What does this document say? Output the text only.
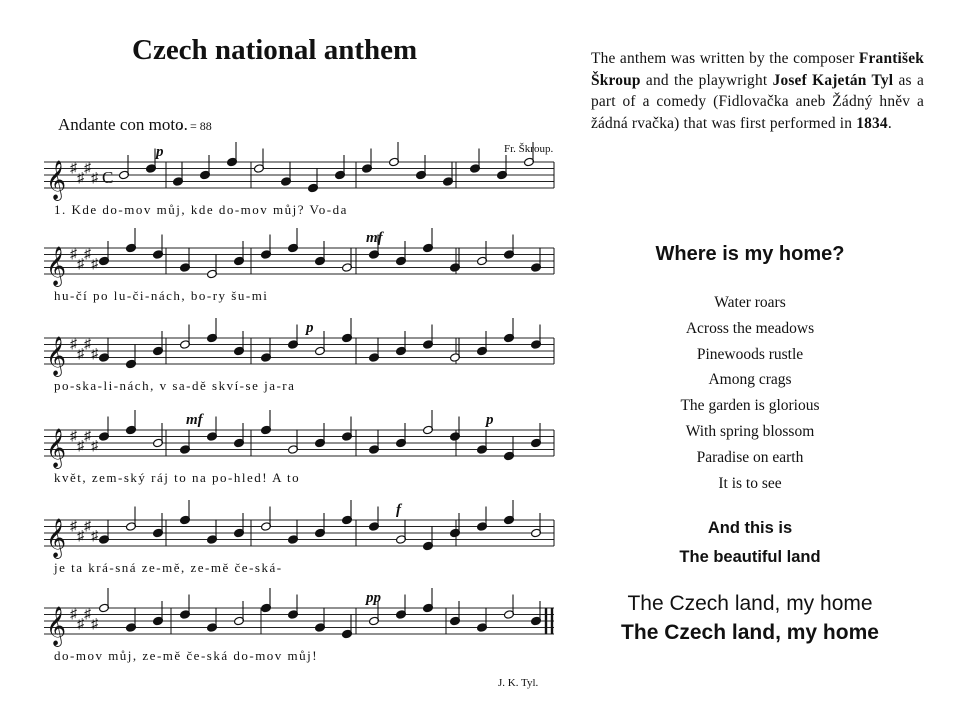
Czech national anthem	The anthem was written by the composer František Škroup and the playwright Josef Kajetán Tyl as a part of a comedy (Fidlovačka aneb Žádný hněv a žádná rvačka) that was first performed in 1834.
Where is my home?
Water roars
Across the meadows
Pinewoods rustle
Among crags
The garden is glorious
With spring blossom
Paradise on earth
It is to see
And this is
The beautiful land
The Czech land, my home
The Czech land, my home
Andante con moto.
♩= 88
Fr. Škroup.
𝄞 ♯
♯
♯
♯ C
p
1. Kde do-mov můj, kde do-mov můj? Vo-da
𝄞 ♯
♯
♯
♯
mf
hu-čí po lu-či-nách, bo-ry šu-mi
𝄞 ♯
♯
♯
♯
p
po-ska-li-nách, v sa-dě skví-se ja-ra
𝄞 ♯
♯
♯
♯
mf	p
květ, zem-ský ráj to na po-hled! A to
𝄞 ♯
♯
♯
♯
f
je ta krá-sná ze-mě, ze-mě če-ská-
𝄞 ♯
♯
♯
♯
pp
do-mov můj, ze-mě če-ská do-mov můj!
J. K. Tyl.
